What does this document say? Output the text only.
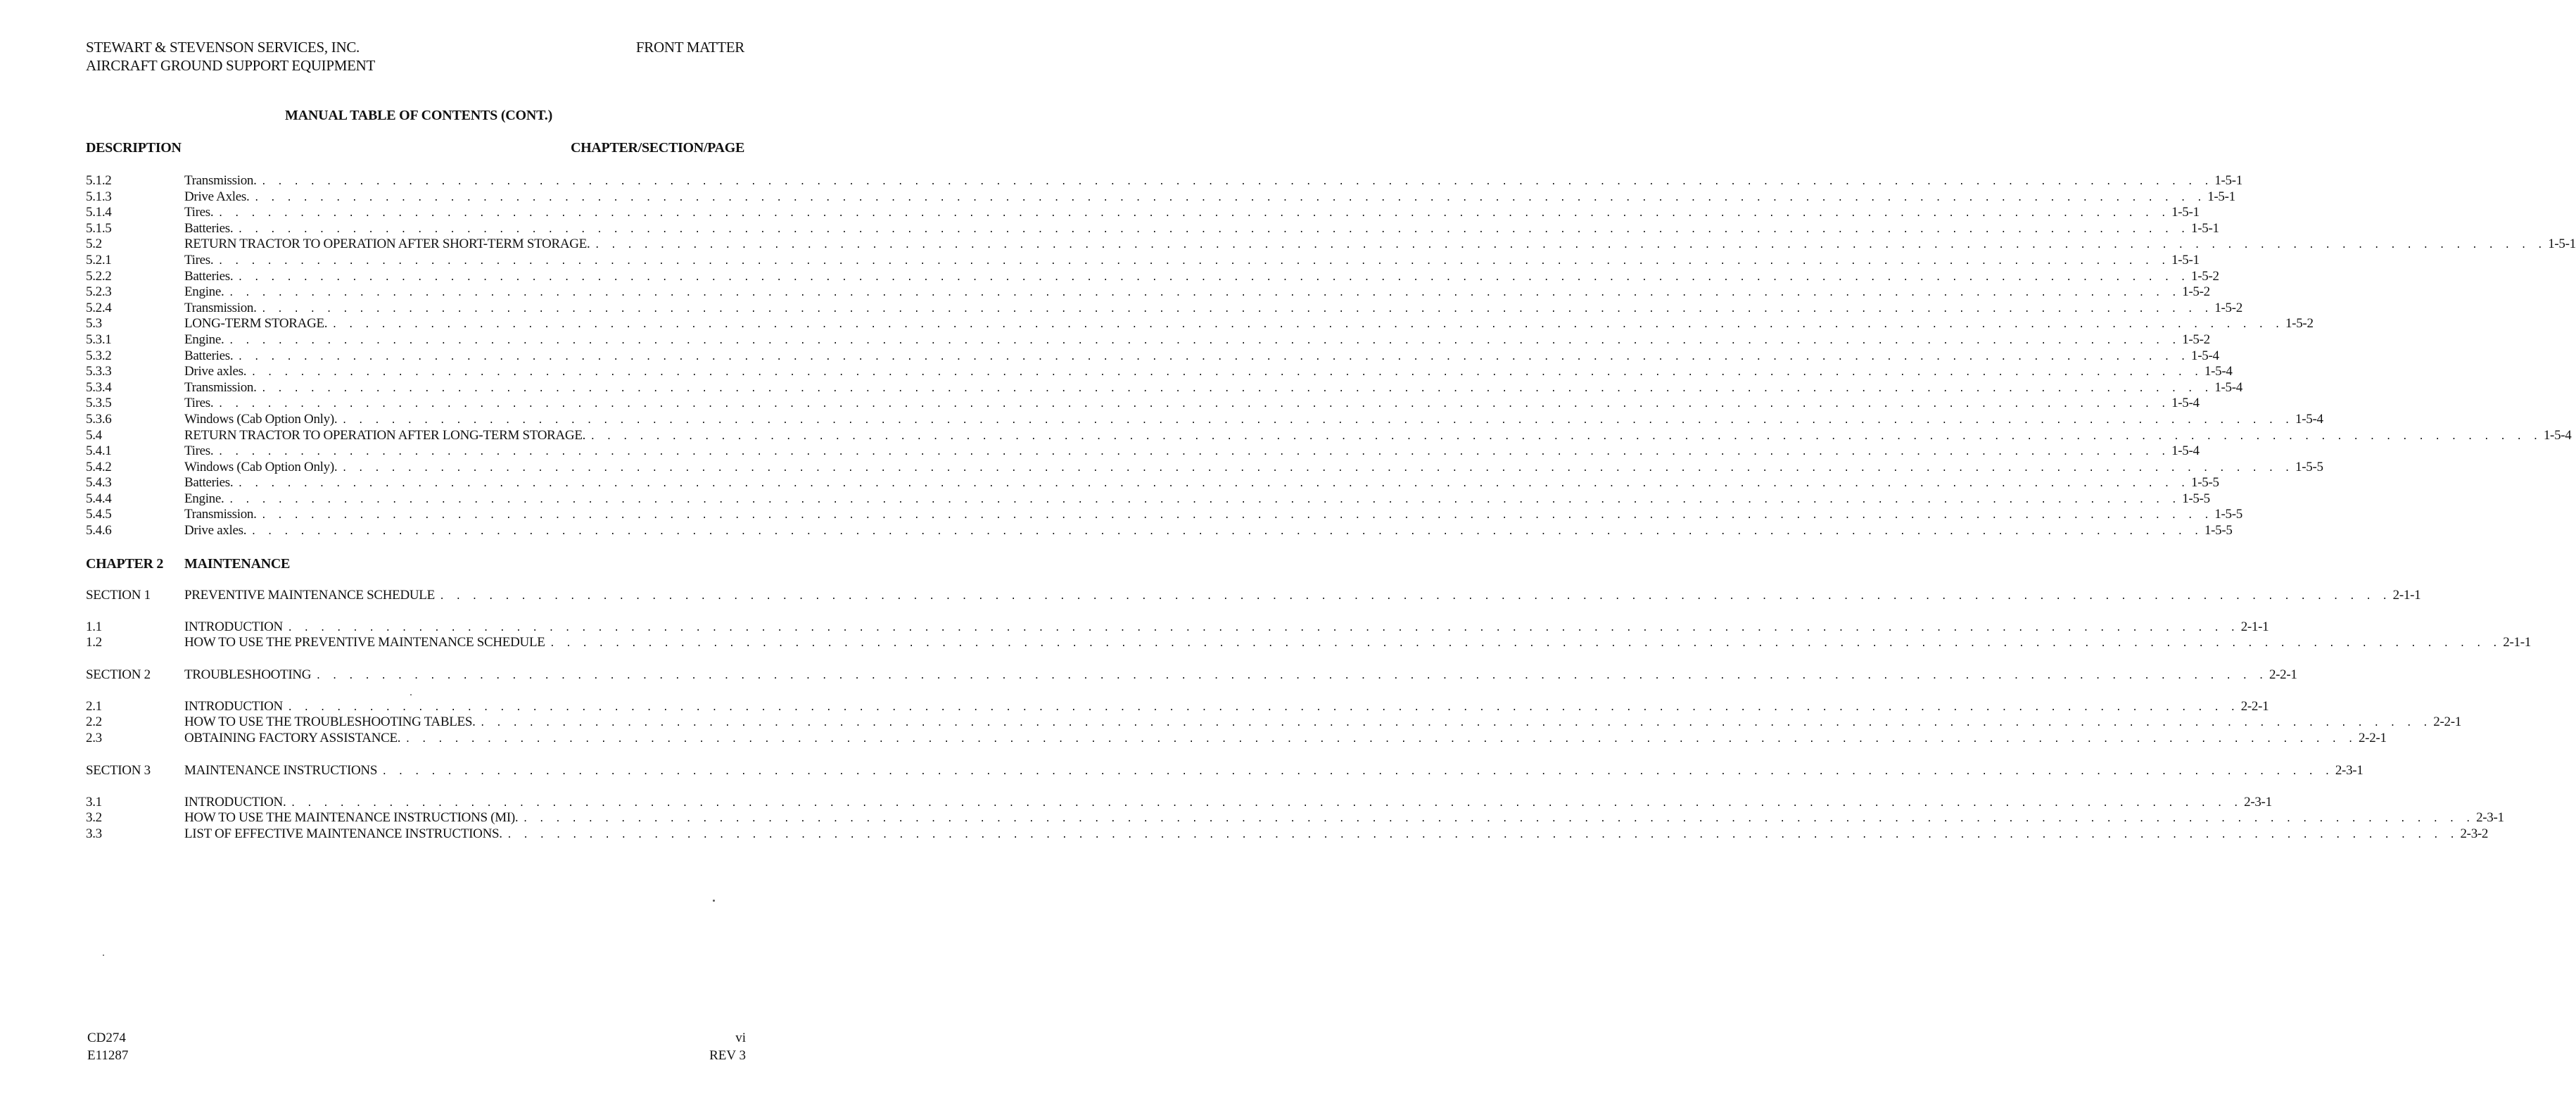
STEWART & STEVENSON SERVICES, INC.
AIRCRAFT GROUND SUPPORT EQUIPMENT
FRONT MATTER
MANUAL TABLE OF CONTENTS (CONT.)
DESCRIPTION	CHAPTER/SECTION/PAGE
5.1.2	Transmission. . . . . . . . . . . . . . . . . . . . . . . . . . . . . . . . . . . . . . . . . . . . . . . . . . . . . . . . . . . . . . . . . . . . . . . . . . . . . . . . . . . . . . . . . . . . . . . . . . . . . . . . . . . . . . . . . . . . . . . . . 1-5-1
5.1.3	Drive Axles. . . . . . . . . . . . . . . . . . . . . . . . . . . . . . . . . . . . . . . . . . . . . . . . . . . . . . . . . . . . . . . . . . . . . . . . . . . . . . . . . . . . . . . . . . . . . . . . . . . . . . . . . . . . . . . . . . . . . . . . . 1-5-1
5.1.4	Tires. . . . . . . . . . . . . . . . . . . . . . . . . . . . . . . . . . . . . . . . . . . . . . . . . . . . . . . . . . . . . . . . . . . . . . . . . . . . . . . . . . . . . . . . . . . . . . . . . . . . . . . . . . . . . . . . . . . . . . . . . 1-5-1
5.1.5	Batteries. . . . . . . . . . . . . . . . . . . . . . . . . . . . . . . . . . . . . . . . . . . . . . . . . . . . . . . . . . . . . . . . . . . . . . . . . . . . . . . . . . . . . . . . . . . . . . . . . . . . . . . . . . . . . . . . . . . . . . . . . 1-5-1
5.2	RETURN TRACTOR TO OPERATION AFTER SHORT-TERM STORAGE. . . . . . . . . . . . . . . . . . . . . . . . . . . . . . . . . . . . . . . . . . . . . . . . . . . . . . . . . . . . . . . . . . . . . . . . . . . . . . . . . . . . . . . . . . . . . . . . . . . . . . . . . . . . . . . . . . . . . . . . . 1-5-1
5.2.1	Tires. . . . . . . . . . . . . . . . . . . . . . . . . . . . . . . . . . . . . . . . . . . . . . . . . . . . . . . . . . . . . . . . . . . . . . . . . . . . . . . . . . . . . . . . . . . . . . . . . . . . . . . . . . . . . . . . . . . . . . . . . 1-5-1
5.2.2	Batteries. . . . . . . . . . . . . . . . . . . . . . . . . . . . . . . . . . . . . . . . . . . . . . . . . . . . . . . . . . . . . . . . . . . . . . . . . . . . . . . . . . . . . . . . . . . . . . . . . . . . . . . . . . . . . . . . . . . . . . . . . 1-5-2
5.2.3	Engine. . . . . . . . . . . . . . . . . . . . . . . . . . . . . . . . . . . . . . . . . . . . . . . . . . . . . . . . . . . . . . . . . . . . . . . . . . . . . . . . . . . . . . . . . . . . . . . . . . . . . . . . . . . . . . . . . . . . . . . . . 1-5-2
5.2.4	Transmission. . . . . . . . . . . . . . . . . . . . . . . . . . . . . . . . . . . . . . . . . . . . . . . . . . . . . . . . . . . . . . . . . . . . . . . . . . . . . . . . . . . . . . . . . . . . . . . . . . . . . . . . . . . . . . . . . . . . . . . . . 1-5-2
5.3	LONG-TERM STORAGE. . . . . . . . . . . . . . . . . . . . . . . . . . . . . . . . . . . . . . . . . . . . . . . . . . . . . . . . . . . . . . . . . . . . . . . . . . . . . . . . . . . . . . . . . . . . . . . . . . . . . . . . . . . . . . . . . . . . . . . . . 1-5-2
5.3.1	Engine. . . . . . . . . . . . . . . . . . . . . . . . . . . . . . . . . . . . . . . . . . . . . . . . . . . . . . . . . . . . . . . . . . . . . . . . . . . . . . . . . . . . . . . . . . . . . . . . . . . . . . . . . . . . . . . . . . . . . . . . . 1-5-2
5.3.2	Batteries. . . . . . . . . . . . . . . . . . . . . . . . . . . . . . . . . . . . . . . . . . . . . . . . . . . . . . . . . . . . . . . . . . . . . . . . . . . . . . . . . . . . . . . . . . . . . . . . . . . . . . . . . . . . . . . . . . . . . . . . . 1-5-4
5.3.3	Drive axles. . . . . . . . . . . . . . . . . . . . . . . . . . . . . . . . . . . . . . . . . . . . . . . . . . . . . . . . . . . . . . . . . . . . . . . . . . . . . . . . . . . . . . . . . . . . . . . . . . . . . . . . . . . . . . . . . . . . . . . . . 1-5-4
5.3.4	Transmission. . . . . . . . . . . . . . . . . . . . . . . . . . . . . . . . . . . . . . . . . . . . . . . . . . . . . . . . . . . . . . . . . . . . . . . . . . . . . . . . . . . . . . . . . . . . . . . . . . . . . . . . . . . . . . . . . . . . . . . . . 1-5-4
5.3.5	Tires. . . . . . . . . . . . . . . . . . . . . . . . . . . . . . . . . . . . . . . . . . . . . . . . . . . . . . . . . . . . . . . . . . . . . . . . . . . . . . . . . . . . . . . . . . . . . . . . . . . . . . . . . . . . . . . . . . . . . . . . . 1-5-4
5.3.6	Windows (Cab Option Only). . . . . . . . . . . . . . . . . . . . . . . . . . . . . . . . . . . . . . . . . . . . . . . . . . . . . . . . . . . . . . . . . . . . . . . . . . . . . . . . . . . . . . . . . . . . . . . . . . . . . . . . . . . . . . . . . . . . . . . . . 1-5-4
5.4	RETURN TRACTOR TO OPERATION AFTER LONG-TERM STORAGE. . . . . . . . . . . . . . . . . . . . . . . . . . . . . . . . . . . . . . . . . . . . . . . . . . . . . . . . . . . . . . . . . . . . . . . . . . . . . . . . . . . . . . . . . . . . . . . . . . . . . . . . . . . . . . . . . . . . . . . . . 1-5-4
5.4.1	Tires. . . . . . . . . . . . . . . . . . . . . . . . . . . . . . . . . . . . . . . . . . . . . . . . . . . . . . . . . . . . . . . . . . . . . . . . . . . . . . . . . . . . . . . . . . . . . . . . . . . . . . . . . . . . . . . . . . . . . . . . . 1-5-4
5.4.2	Windows (Cab Option Only). . . . . . . . . . . . . . . . . . . . . . . . . . . . . . . . . . . . . . . . . . . . . . . . . . . . . . . . . . . . . . . . . . . . . . . . . . . . . . . . . . . . . . . . . . . . . . . . . . . . . . . . . . . . . . . . . . . . . . . . . 1-5-5
5.4.3	Batteries. . . . . . . . . . . . . . . . . . . . . . . . . . . . . . . . . . . . . . . . . . . . . . . . . . . . . . . . . . . . . . . . . . . . . . . . . . . . . . . . . . . . . . . . . . . . . . . . . . . . . . . . . . . . . . . . . . . . . . . . . 1-5-5
5.4.4	Engine. . . . . . . . . . . . . . . . . . . . . . . . . . . . . . . . . . . . . . . . . . . . . . . . . . . . . . . . . . . . . . . . . . . . . . . . . . . . . . . . . . . . . . . . . . . . . . . . . . . . . . . . . . . . . . . . . . . . . . . . . 1-5-5
5.4.5	Transmission. . . . . . . . . . . . . . . . . . . . . . . . . . . . . . . . . . . . . . . . . . . . . . . . . . . . . . . . . . . . . . . . . . . . . . . . . . . . . . . . . . . . . . . . . . . . . . . . . . . . . . . . . . . . . . . . . . . . . . . . . 1-5-5
5.4.6	Drive axles. . . . . . . . . . . . . . . . . . . . . . . . . . . . . . . . . . . . . . . . . . . . . . . . . . . . . . . . . . . . . . . . . . . . . . . . . . . . . . . . . . . . . . . . . . . . . . . . . . . . . . . . . . . . . . . . . . . . . . . . . 1-5-5
CHAPTER 2	MAINTENANCE
SECTION 1	PREVENTIVE MAINTENANCE SCHEDULE . . . . . . . . . . . . . . . . . . . . . . . . . . . . . . . . . . . . . . . . . . . . . . . . . . . . . . . . . . . . . . . . . . . . . . . . . . . . . . . . . . . . . . . . . . . . . . . . . . . . . . . . . . . . . . . . . . . . . . . . 2-1-1
1.1	INTRODUCTION . . . . . . . . . . . . . . . . . . . . . . . . . . . . . . . . . . . . . . . . . . . . . . . . . . . . . . . . . . . . . . . . . . . . . . . . . . . . . . . . . . . . . . . . . . . . . . . . . . . . . . . . . . . . . . . . . . . . . . . . 2-1-1
1.2	HOW TO USE THE PREVENTIVE MAINTENANCE SCHEDULE . . . . . . . . . . . . . . . . . . . . . . . . . . . . . . . . . . . . . . . . . . . . . . . . . . . . . . . . . . . . . . . . . . . . . . . . . . . . . . . . . . . . . . . . . . . . . . . . . . . . . . . . . . . . . . . . . . . . . . . . 2-1-1
SECTION 2	TROUBLESHOOTING . . . . . . . . . . . . . . . . . . . . . . . . . . . . . . . . . . . . . . . . . . . . . . . . . . . . . . . . . . . . . . . . . . . . . . . . . . . . . . . . . . . . . . . . . . . . . . . . . . . . . . . . . . . . . . . . . . . . . . . . 2-2-1
2.1	INTRODUCTION . . . . . . . . . . . . . . . . . . . . . . . . . . . . . . . . . . . . . . . . . . . . . . . . . . . . . . . . . . . . . . . . . . . . . . . . . . . . . . . . . . . . . . . . . . . . . . . . . . . . . . . . . . . . . . . . . . . . . . . . 2-2-1
2.2	HOW TO USE THE TROUBLESHOOTING TABLES. . . . . . . . . . . . . . . . . . . . . . . . . . . . . . . . . . . . . . . . . . . . . . . . . . . . . . . . . . . . . . . . . . . . . . . . . . . . . . . . . . . . . . . . . . . . . . . . . . . . . . . . . . . . . . . . . . . . . . . . . 2-2-1
2.3	OBTAINING FACTORY ASSISTANCE. . . . . . . . . . . . . . . . . . . . . . . . . . . . . . . . . . . . . . . . . . . . . . . . . . . . . . . . . . . . . . . . . . . . . . . . . . . . . . . . . . . . . . . . . . . . . . . . . . . . . . . . . . . . . . . . . . . . . . . . . 2-2-1
SECTION 3	MAINTENANCE INSTRUCTIONS . . . . . . . . . . . . . . . . . . . . . . . . . . . . . . . . . . . . . . . . . . . . . . . . . . . . . . . . . . . . . . . . . . . . . . . . . . . . . . . . . . . . . . . . . . . . . . . . . . . . . . . . . . . . . . . . . . . . . . . . 2-3-1
3.1	INTRODUCTION. . . . . . . . . . . . . . . . . . . . . . . . . . . . . . . . . . . . . . . . . . . . . . . . . . . . . . . . . . . . . . . . . . . . . . . . . . . . . . . . . . . . . . . . . . . . . . . . . . . . . . . . . . . . . . . . . . . . . . . . . 2-3-1
3.2	HOW TO USE THE MAINTENANCE INSTRUCTIONS (MI). . . . . . . . . . . . . . . . . . . . . . . . . . . . . . . . . . . . . . . . . . . . . . . . . . . . . . . . . . . . . . . . . . . . . . . . . . . . . . . . . . . . . . . . . . . . . . . . . . . . . . . . . . . . . . . . . . . . . . . . . 2-3-1
3.3	LIST OF EFFECTIVE MAINTENANCE INSTRUCTIONS. . . . . . . . . . . . . . . . . . . . . . . . . . . . . . . . . . . . . . . . . . . . . . . . . . . . . . . . . . . . . . . . . . . . . . . . . . . . . . . . . . . . . . . . . . . . . . . . . . . . . . . . . . . . . . . . . . . . . . . . . 2-3-2
CD274
E11287
vi
REV 3
